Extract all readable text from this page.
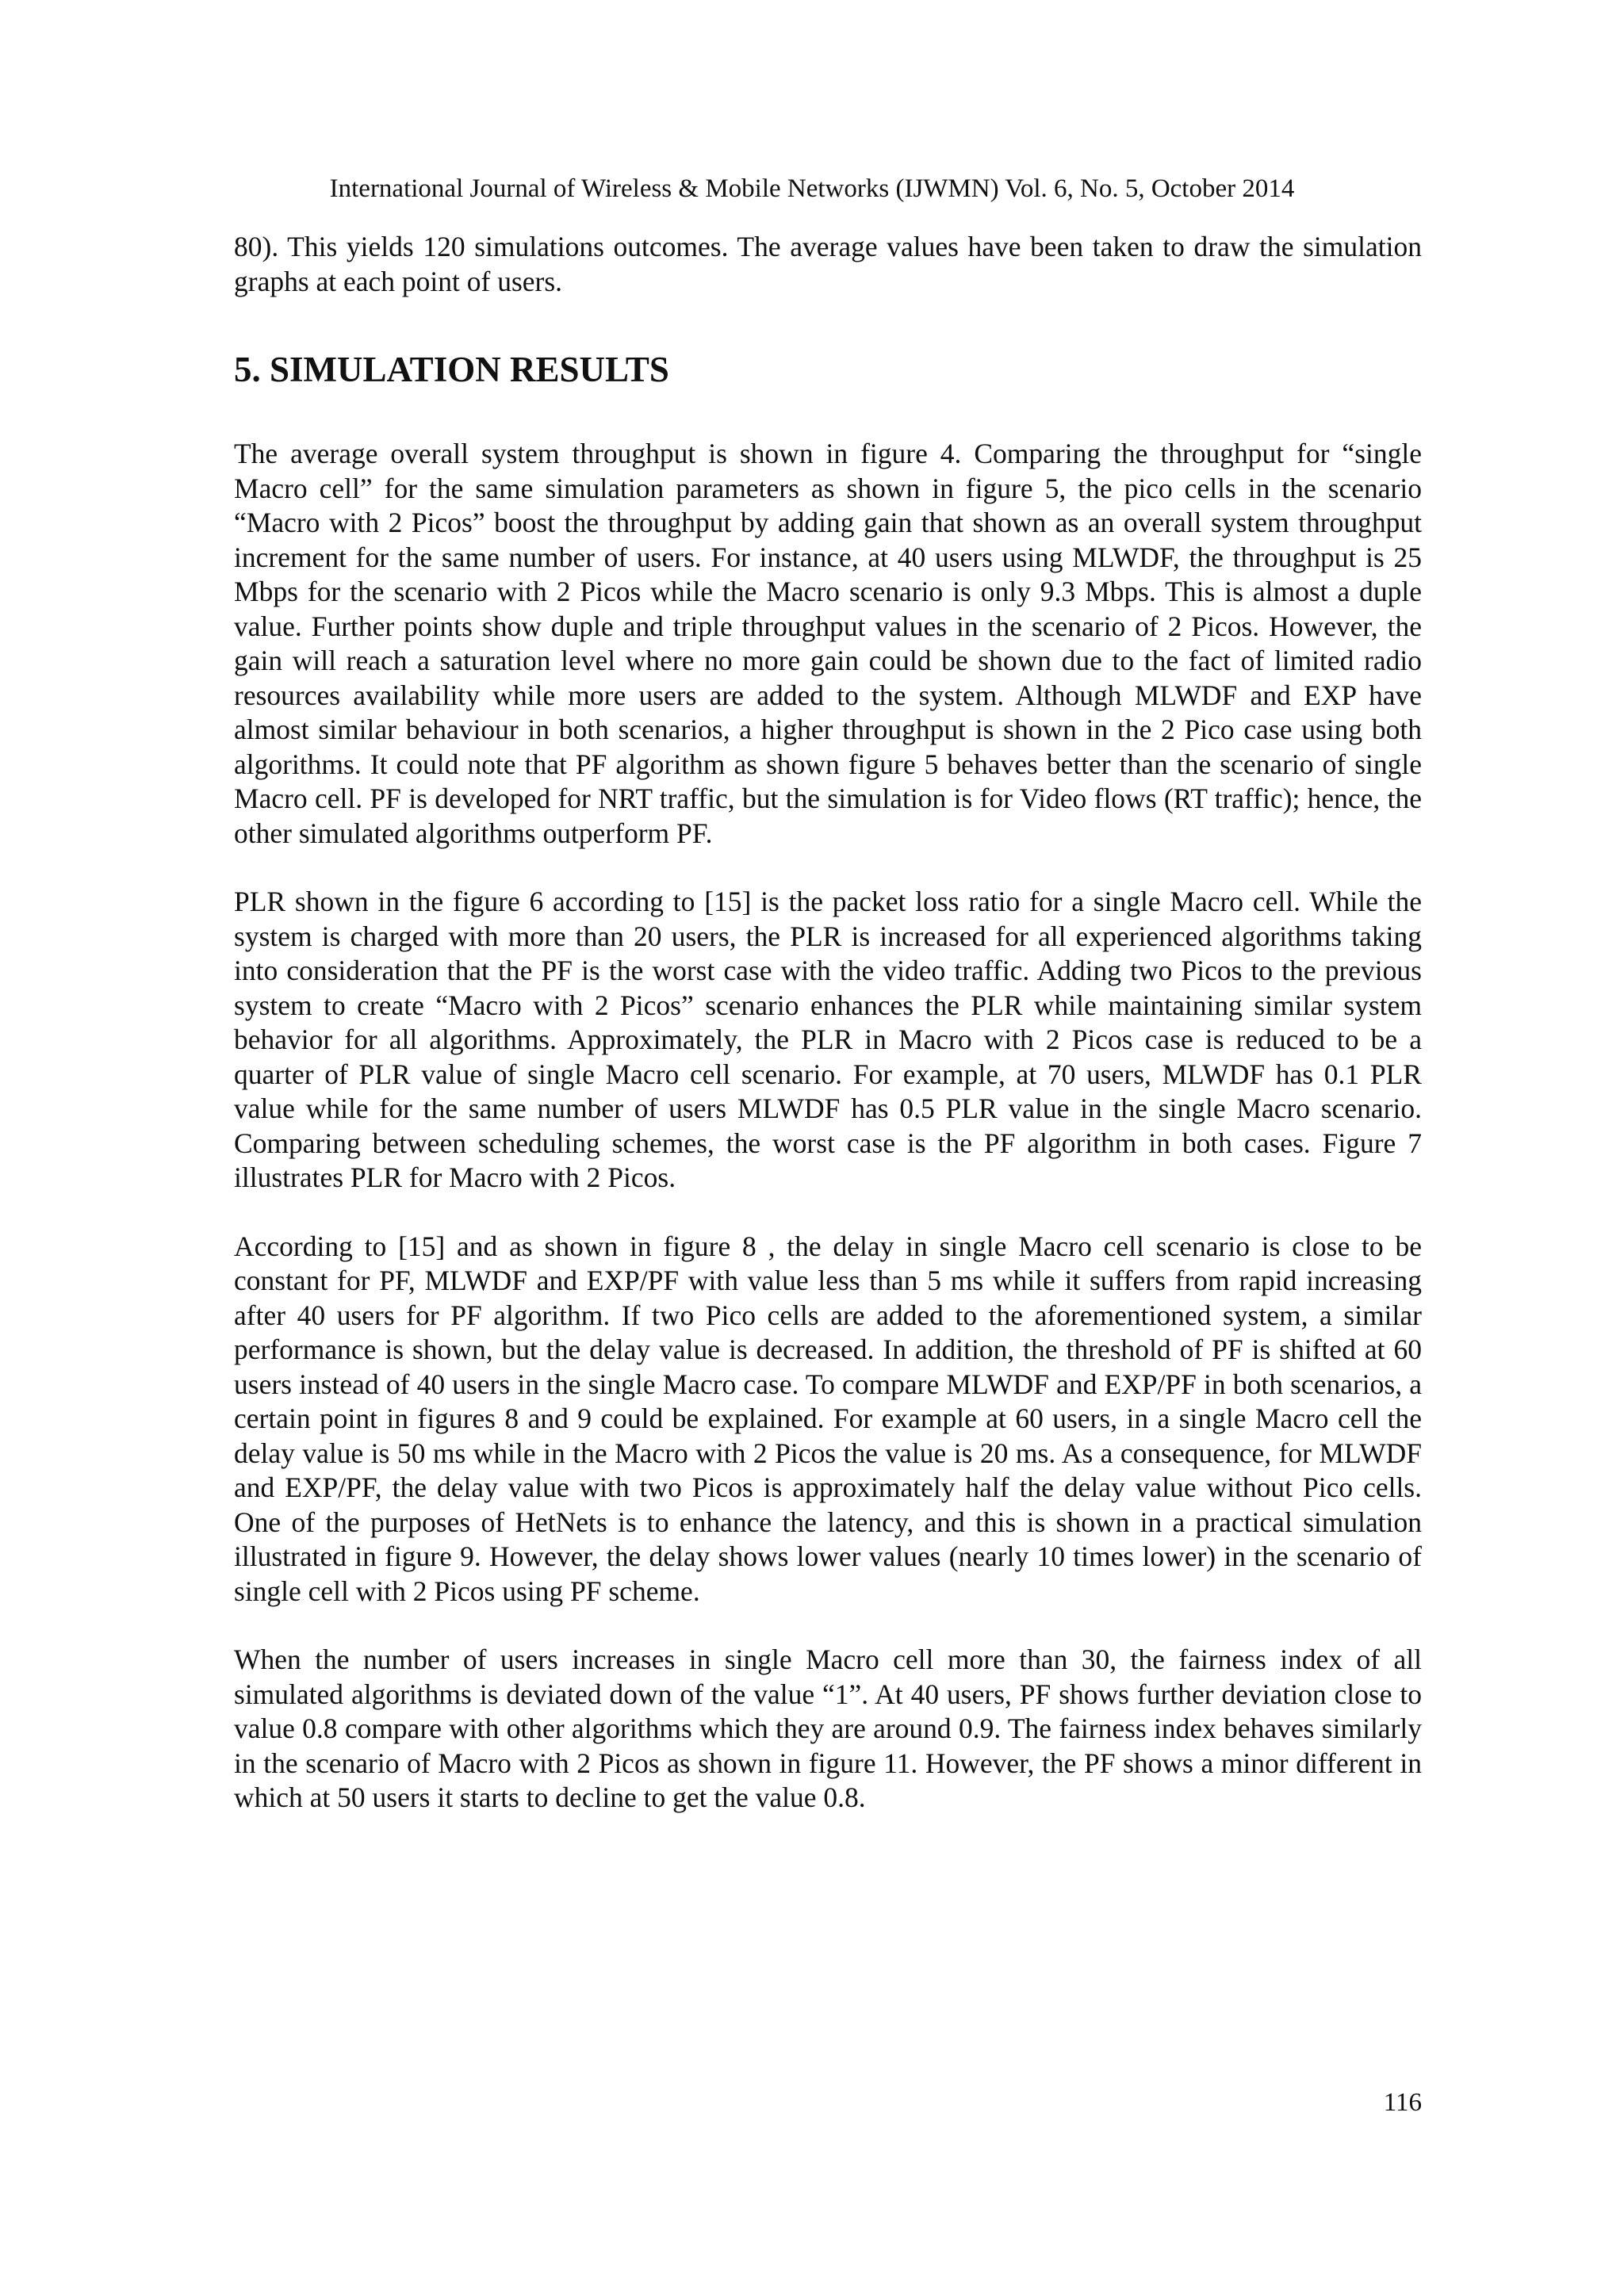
International Journal of Wireless & Mobile Networks (IJWMN) Vol. 6, No. 5, October 2014

80). This yields 120 simulations outcomes. The average values have been taken to draw the simulation graphs at each point of users.

5. SIMULATION RESULTS

The average overall system throughput is shown in figure 4. Comparing the throughput for “single Macro cell” for the same simulation parameters as shown in figure 5, the pico cells in the scenario “Macro with 2 Picos” boost the throughput by adding gain that shown as an overall system throughput increment for the same number of users. For instance, at 40 users using MLWDF, the throughput is 25 Mbps for the scenario with 2 Picos while the Macro scenario is only 9.3 Mbps. This is almost a duple value. Further points show duple and triple throughput values in the scenario of 2 Picos. However, the gain will reach a saturation level where no more gain could be shown due to the fact of limited radio resources availability while more users are added to the system. Although MLWDF and EXP have almost similar behaviour in both scenarios, a higher throughput is shown in the 2 Pico case using both algorithms. It could note that PF algorithm as shown figure 5 behaves better than the scenario of single Macro cell. PF is developed for NRT traffic, but the simulation is for Video flows (RT traffic); hence, the other simulated algorithms outperform PF.

PLR shown in the figure 6 according to [15] is the packet loss ratio for a single Macro cell. While the system is charged with more than 20 users, the PLR is increased for all experienced algorithms taking into consideration that the PF is the worst case with the video traffic. Adding two Picos to the previous system to create “Macro with 2 Picos” scenario enhances the PLR while maintaining similar system behavior for all algorithms. Approximately, the PLR in Macro with 2 Picos case is reduced to be a quarter of PLR value of single Macro cell scenario. For example, at 70 users, MLWDF has 0.1 PLR value while for the same number of users MLWDF has 0.5 PLR value in the single Macro scenario. Comparing between scheduling schemes, the worst case is the PF algorithm in both cases. Figure 7 illustrates PLR for Macro with 2 Picos.

According to [15] and as shown in figure 8 , the delay in single Macro cell scenario is close to be constant for PF, MLWDF and EXP/PF with value less than 5 ms while it suffers from rapid increasing after 40 users for PF algorithm. If two Pico cells are added to the aforementioned system, a similar performance is shown, but the delay value is decreased. In addition, the threshold of PF is shifted at 60 users instead of 40 users in the single Macro case. To compare MLWDF and EXP/PF in both scenarios, a certain point in figures 8 and 9 could be explained. For example at 60 users, in a single Macro cell the delay value is 50 ms while in the Macro with 2 Picos the value is 20 ms. As a consequence, for MLWDF and EXP/PF, the delay value with two Picos is approximately half the delay value without Pico cells. One of the purposes of HetNets is to enhance the latency, and this is shown in a practical simulation illustrated in figure 9. However, the delay shows lower values (nearly 10 times lower) in the scenario of single cell with 2 Picos using PF scheme.

When the number of users increases in single Macro cell more than 30, the fairness index of all simulated algorithms is deviated down of the value “1”. At 40 users, PF shows further deviation close to value 0.8 compare with other algorithms which they are around 0.9. The fairness index behaves similarly in the scenario of Macro with 2 Picos as shown in figure 11. However, the PF shows a minor different in which at 50 users it starts to decline to get the value 0.8.

116
